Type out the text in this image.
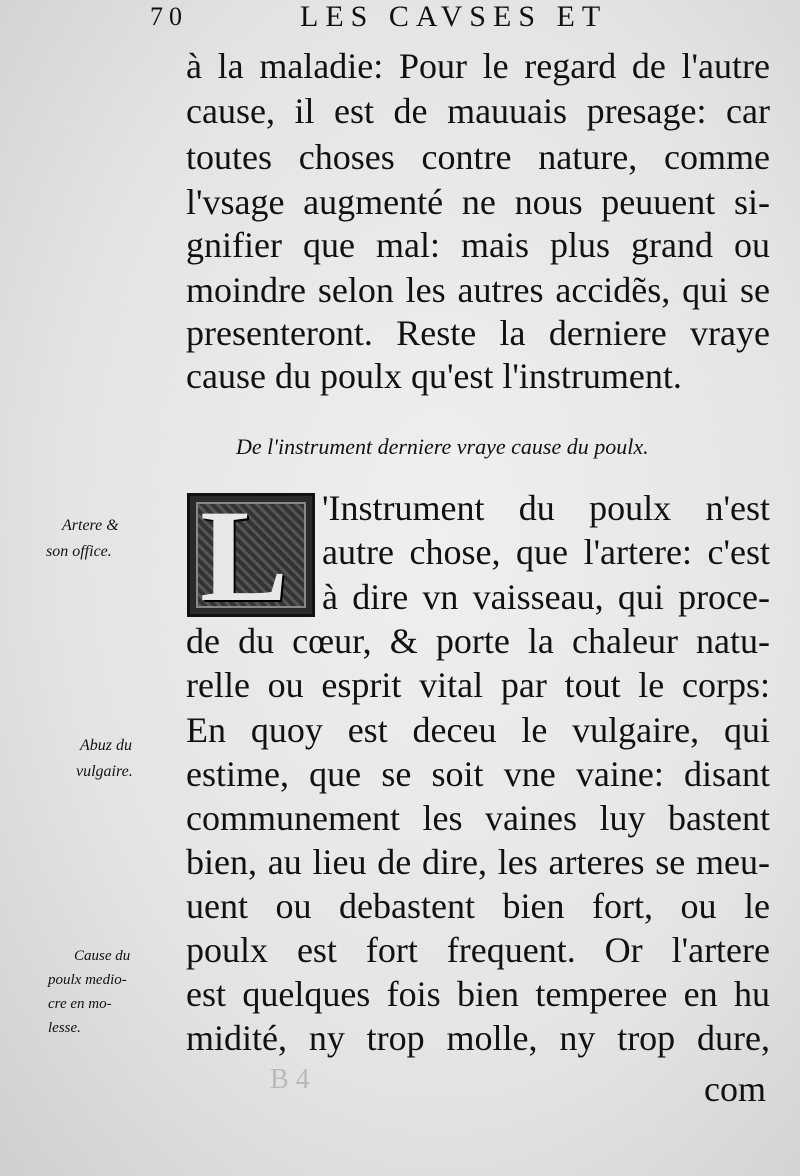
70	LES CAVSES ET
à la maladie: Pour le regard de l'autre
cause, il est de mauuais presage: car
toutes choses contre nature, comme
l'vsage augmenté ne nous peuuent si-
gnifier que mal: mais plus grand ou
moindre selon les autres accidẽs, qui se
presenteront. Reste la derniere vraye
cause du poulx qu'est l'instrument.
De l'instrument derniere vraye cause du poulx.
L 'Instrument du poulx n'est
autre chose, que l'artere: c'est
à dire vn vaisseau, qui proce-
de du cœur, & porte la chaleur natu-
relle ou esprit vital par tout le corps:
En quoy est deceu le vulgaire, qui
estime, que se soit vne vaine: disant
communement les vaines luy bastent
bien, au lieu de dire, les arteres se meu-
uent ou debastent bien fort, ou le
poulx est fort frequent. Or l'artere
est quelques fois bien temperee en hu
midité, ny trop molle, ny trop dure,
Artere &
son office.
Abuz du
vulgaire.
Cause du
poulx medio-
cre en mo-
lesse.
B 4	com
